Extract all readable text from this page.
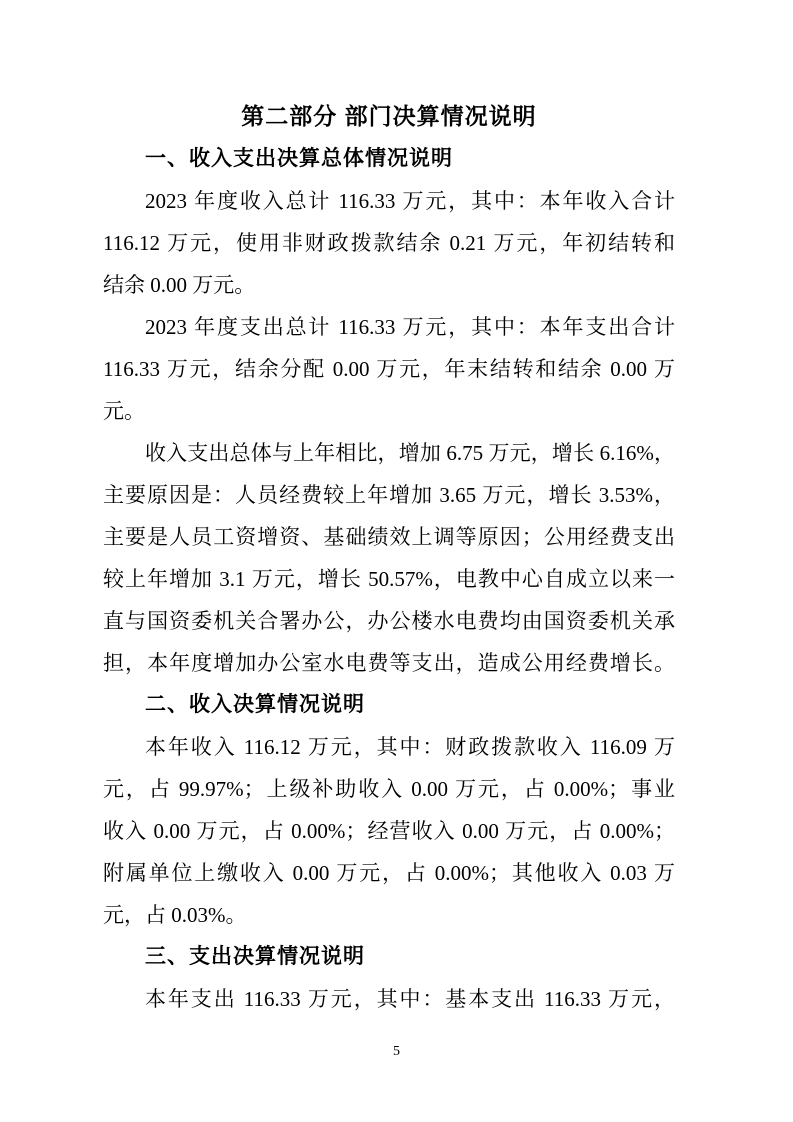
第二部分 部门决算情况说明
一、收入支出决算总体情况说明
2023 年度收入总计 116.33 万元，其中：本年收入合计
116.12 万元，使用非财政拨款结余 0.21 万元，年初结转和
结余 0.00 万元。
2023 年度支出总计 116.33 万元，其中：本年支出合计
116.33 万元，结余分配 0.00 万元，年末结转和结余 0.00 万
元。
收入支出总体与上年相比，增加 6.75 万元，增长 6.16%，
主要原因是：人员经费较上年增加 3.65 万元，增长 3.53%，
主要是人员工资增资、基础绩效上调等原因；公用经费支出
较上年增加 3.1 万元，增长 50.57%，电教中心自成立以来一
直与国资委机关合署办公，办公楼水电费均由国资委机关承
担，本年度增加办公室水电费等支出，造成公用经费增长。
二、收入决算情况说明
本年收入 116.12 万元，其中：财政拨款收入 116.09 万
元，占 99.97%；上级补助收入 0.00 万元，占 0.00%；事业
收入 0.00 万元，占 0.00%；经营收入 0.00 万元，占 0.00%；
附属单位上缴收入 0.00 万元，占 0.00%；其他收入 0.03 万
元，占 0.03%。
三、支出决算情况说明
本年支出 116.33 万元，其中：基本支出 116.33 万元，
5
